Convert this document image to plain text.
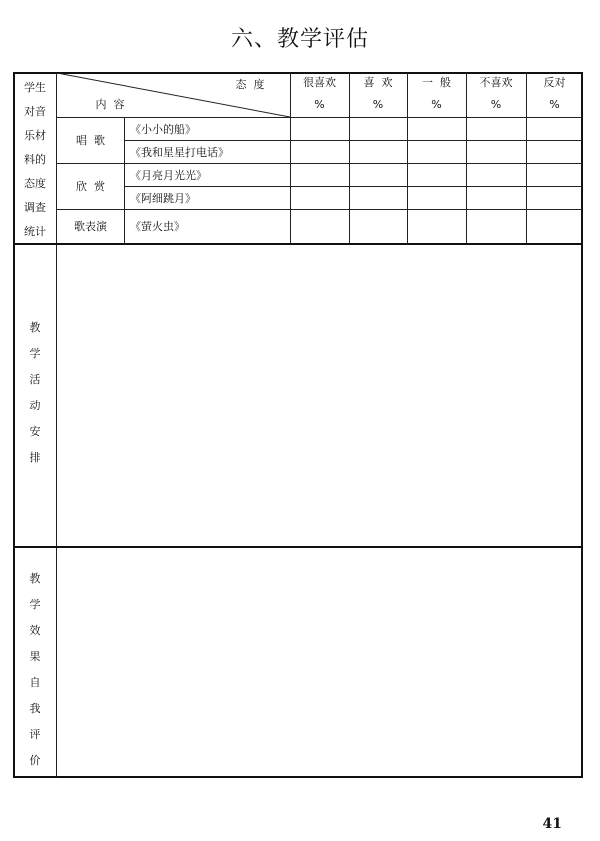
六、教学评估
学生
对音
乐材
料的
态度
调查
统计
态  度
内  容
很喜欢
%
喜  欢
%
一  般
%
不喜欢
%
反对
%
唱  歌
欣  赏
歌表演
《小小的船》
《我和星星打电话》
《月亮月光光》
《阿细跳月》
《萤火虫》
教
学
活
动
安
排
教
学
效
果
自
我
评
价
41
